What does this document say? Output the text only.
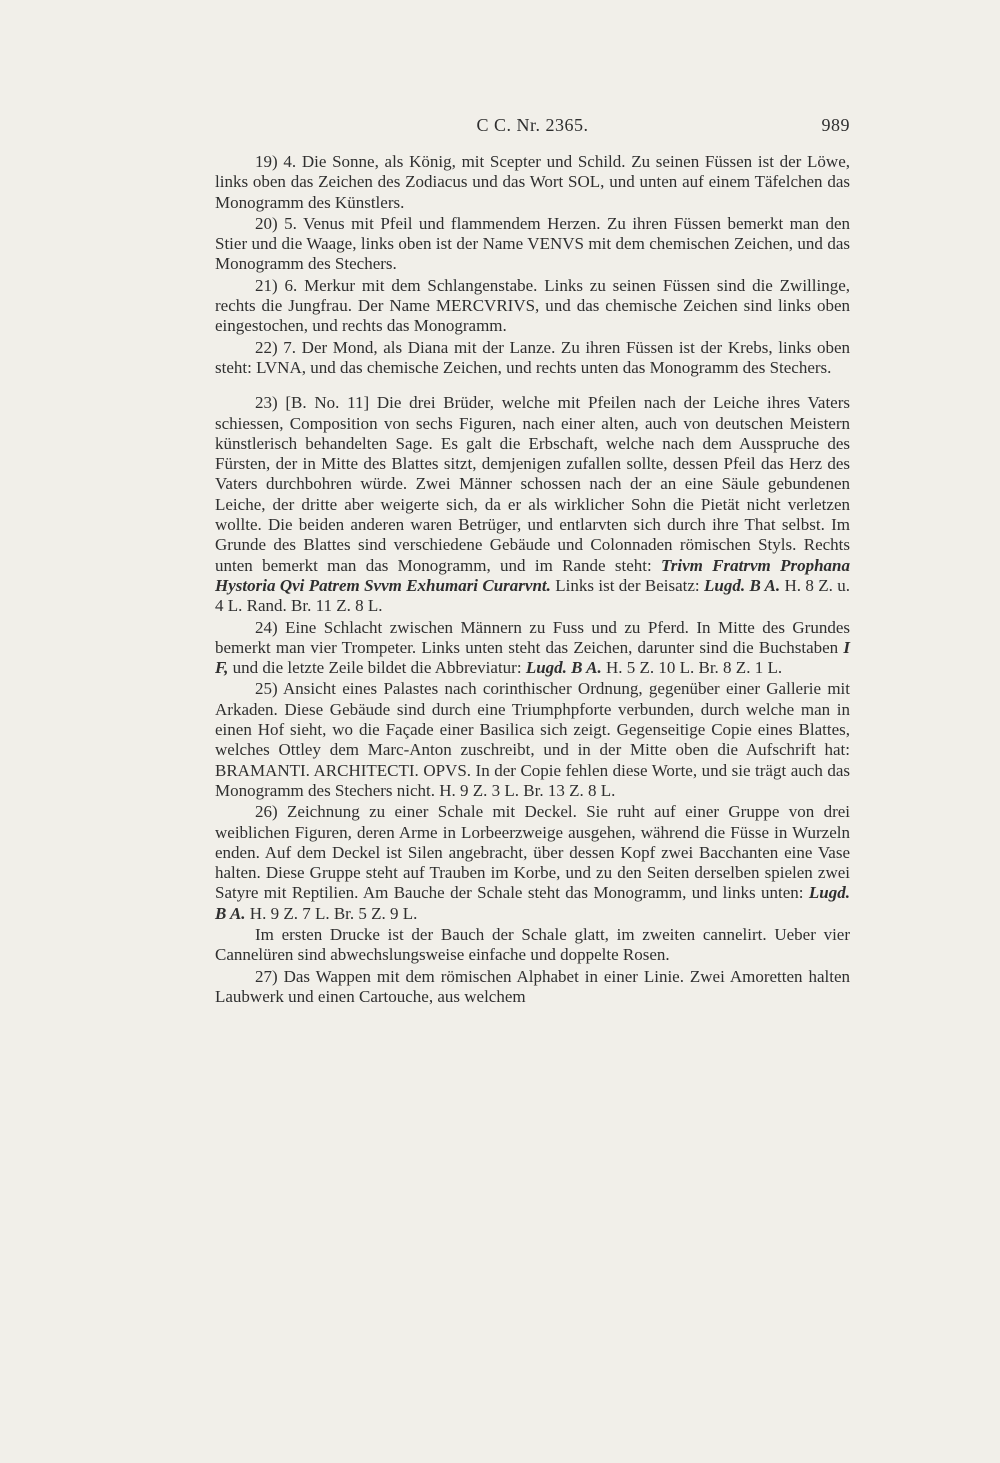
C C. Nr. 2365.	989

19) 4. Die Sonne, als König, mit Scepter und Schild. Zu seinen Füssen ist der Löwe, links oben das Zeichen des Zodiacus und das Wort SOL, und unten auf einem Täfelchen das Monogramm des Künstlers.

20) 5. Venus mit Pfeil und flammendem Herzen. Zu ihren Füssen bemerkt man den Stier und die Waage, links oben ist der Name VENVS mit dem chemischen Zeichen, und das Monogramm des Stechers.

21) 6. Merkur mit dem Schlangenstabe. Links zu seinen Füssen sind die Zwillinge, rechts die Jungfrau. Der Name MERCVRIVS, und das chemische Zeichen sind links oben eingestochen, und rechts das Monogramm.

22) 7. Der Mond, als Diana mit der Lanze. Zu ihren Füssen ist der Krebs, links oben steht: LVNA, und das chemische Zeichen, und rechts unten das Monogramm des Stechers.

23) [B. No. 11] Die drei Brüder, welche mit Pfeilen nach der Leiche ihres Vaters schiessen, Composition von sechs Figuren, nach einer alten, auch von deutschen Meistern künstlerisch behandelten Sage. Es galt die Erbschaft, welche nach dem Ausspruche des Fürsten, der in Mitte des Blattes sitzt, demjenigen zufallen sollte, dessen Pfeil das Herz des Vaters durchbohren würde. Zwei Männer schossen nach der an eine Säule gebundenen Leiche, der dritte aber weigerte sich, da er als wirklicher Sohn die Pietät nicht verletzen wollte. Die beiden anderen waren Betrüger, und entlarvten sich durch ihre That selbst. Im Grunde des Blattes sind verschiedene Gebäude und Colonnaden römischen Styls. Rechts unten bemerkt man das Monogramm, und im Rande steht: Trivm Fratrvm Prophana Hystoria Qvi Patrem Svvm Exhumari Curarvnt. Links ist der Beisatz: Lugd. B A. H. 8 Z. u. 4 L. Rand. Br. 11 Z. 8 L.

24) Eine Schlacht zwischen Männern zu Fuss und zu Pferd. In Mitte des Grundes bemerkt man vier Trompeter. Links unten steht das Zeichen, darunter sind die Buchstaben I F, und die letzte Zeile bildet die Abbreviatur: Lugd. B A. H. 5 Z. 10 L. Br. 8 Z. 1 L.

25) Ansicht eines Palastes nach corinthischer Ordnung, gegenüber einer Gallerie mit Arkaden. Diese Gebäude sind durch eine Triumphpforte verbunden, durch welche man in einen Hof sieht, wo die Façade einer Basilica sich zeigt. Gegenseitige Copie eines Blattes, welches Ottley dem Marc-Anton zuschreibt, und in der Mitte oben die Aufschrift hat: BRAMANTI. ARCHITECTI. OPVS. In der Copie fehlen diese Worte, und sie trägt auch das Monogramm des Stechers nicht. H. 9 Z. 3 L. Br. 13 Z. 8 L.

26) Zeichnung zu einer Schale mit Deckel. Sie ruht auf einer Gruppe von drei weiblichen Figuren, deren Arme in Lorbeerzweige ausgehen, während die Füsse in Wurzeln enden. Auf dem Deckel ist Silen angebracht, über dessen Kopf zwei Bacchanten eine Vase halten. Diese Gruppe steht auf Trauben im Korbe, und zu den Seiten derselben spielen zwei Satyre mit Reptilien. Am Bauche der Schale steht das Monogramm, und links unten: Lugd. B A. H. 9 Z. 7 L. Br. 5 Z. 9 L.

Im ersten Drucke ist der Bauch der Schale glatt, im zweiten cannelirt. Ueber vier Cannelüren sind abwechslungsweise einfache und doppelte Rosen.

27) Das Wappen mit dem römischen Alphabet in einer Linie. Zwei Amoretten halten Laubwerk und einen Cartouche, aus welchem
